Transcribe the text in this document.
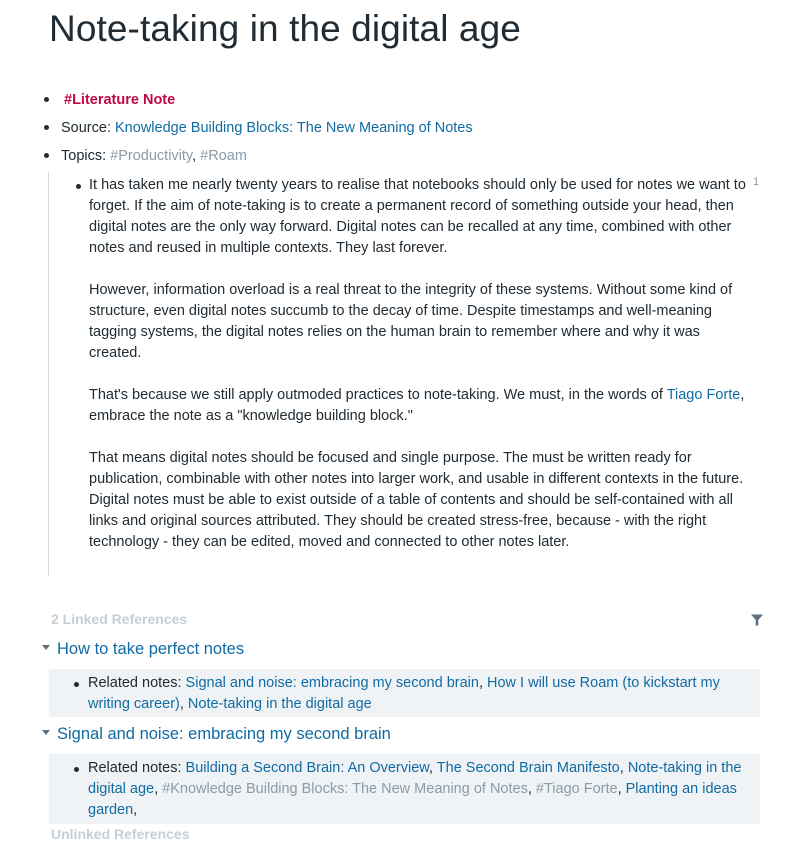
Note-taking in the digital age
#Literature Note
Source: Knowledge Building Blocks: The New Meaning of Notes
Topics: #Productivity, #Roam

It has taken me nearly twenty years to realise that notebooks should only be used for notes we want to forget. If the aim of note-taking is to create a permanent record of something outside your head, then digital notes are the only way forward. Digital notes can be recalled at any time, combined with other notes and reused in multiple contexts. They last forever.

However, information overload is a real threat to the integrity of these systems. Without some kind of structure, even digital notes succumb to the decay of time. Despite timestamps and well-meaning tagging systems, the digital notes relies on the human brain to remember where and why it was created.

That's because we still apply outmoded practices to note-taking. We must, in the words of Tiago Forte, embrace the note as a "knowledge building block."

That means digital notes should be focused and single purpose. The must be written ready for publication, combinable with other notes into larger work, and usable in different contexts in the future. Digital notes must be able to exist outside of a table of contents and should be self-contained with all links and original sources attributed. They should be created stress-free, because - with the right technology - they can be edited, moved and connected to other notes later.

1
2 Linked References
How to take perfect notes
Related notes: Signal and noise: embracing my second brain, How I will use Roam (to kickstart my writing career), Note-taking in the digital age
Signal and noise: embracing my second brain
Related notes: Building a Second Brain: An Overview, The Second Brain Manifesto, Note-taking in the digital age, #Knowledge Building Blocks: The New Meaning of Notes, #Tiago Forte, Planting an ideas garden,
Unlinked References
